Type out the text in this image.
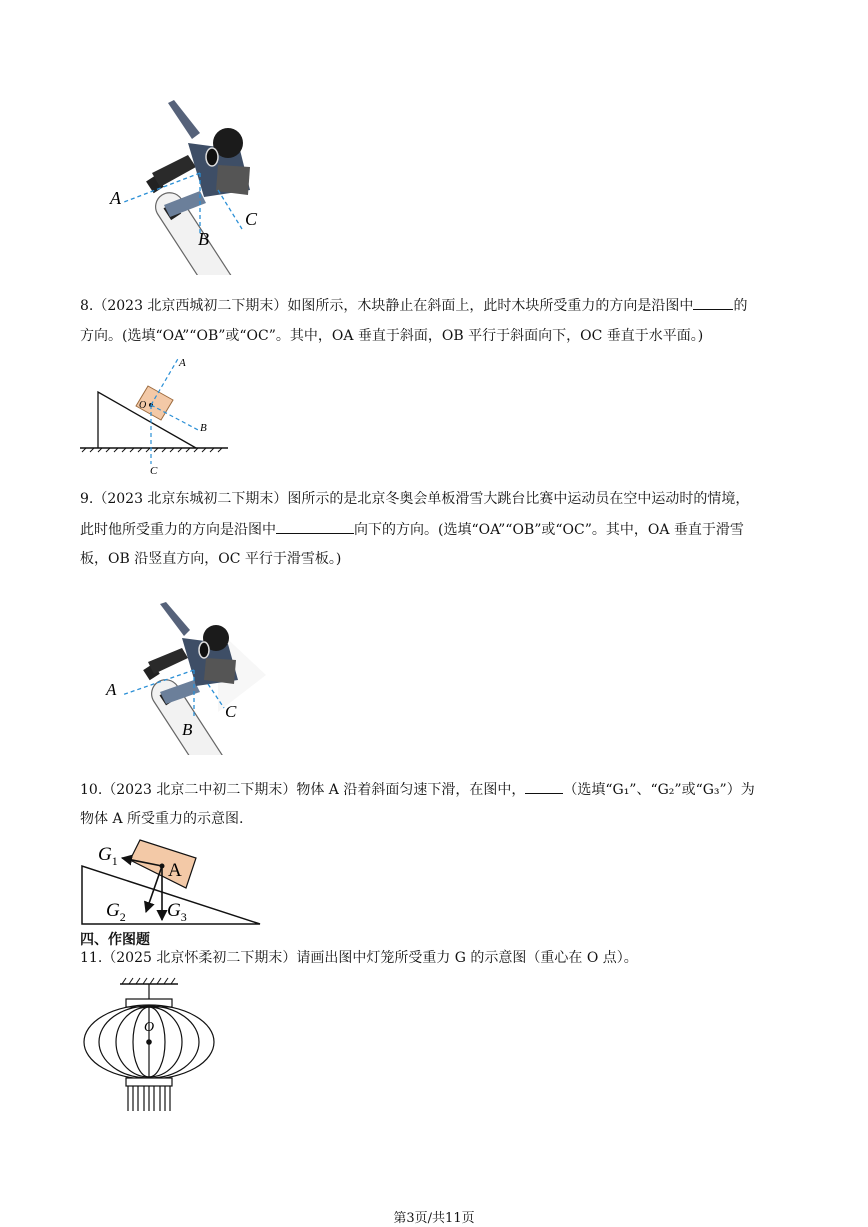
A
B
C
8.（2023 北京西城初二下期末）如图所示，木块静止在斜面上，此时木块所受重力的方向是沿图中	的
方向。(选填“OA”“OB”或“OC”。其中，OA 垂直于斜面，OB 平行于斜面向下，OC 垂直于水平面。)
A
B
C
O
9.（2023 北京东城初二下期末）图所示的是北京冬奥会单板滑雪大跳台比赛中运动员在空中运动时的情境，
此时他所受重力的方向是沿图中	向下的方向。(选填“OA”“OB”或“OC”。其中，OA 垂直于滑雪
板，OB 沿竖直方向，OC 平行于滑雪板。)
A
B
C
10.（2023 北京二中初二下期末）物体 A 沿着斜面匀速下滑，在图中，	（选填“G₁”、“G₂”或“G₃”）为
物体 A 所受重力的示意图.
$G_1$
$G_2$ $G_3$
A
四、作图题
11.（2025 北京怀柔初二下期末）请画出图中灯笼所受重力 G 的示意图（重心在 O 点）。
O
第3页/共11页
